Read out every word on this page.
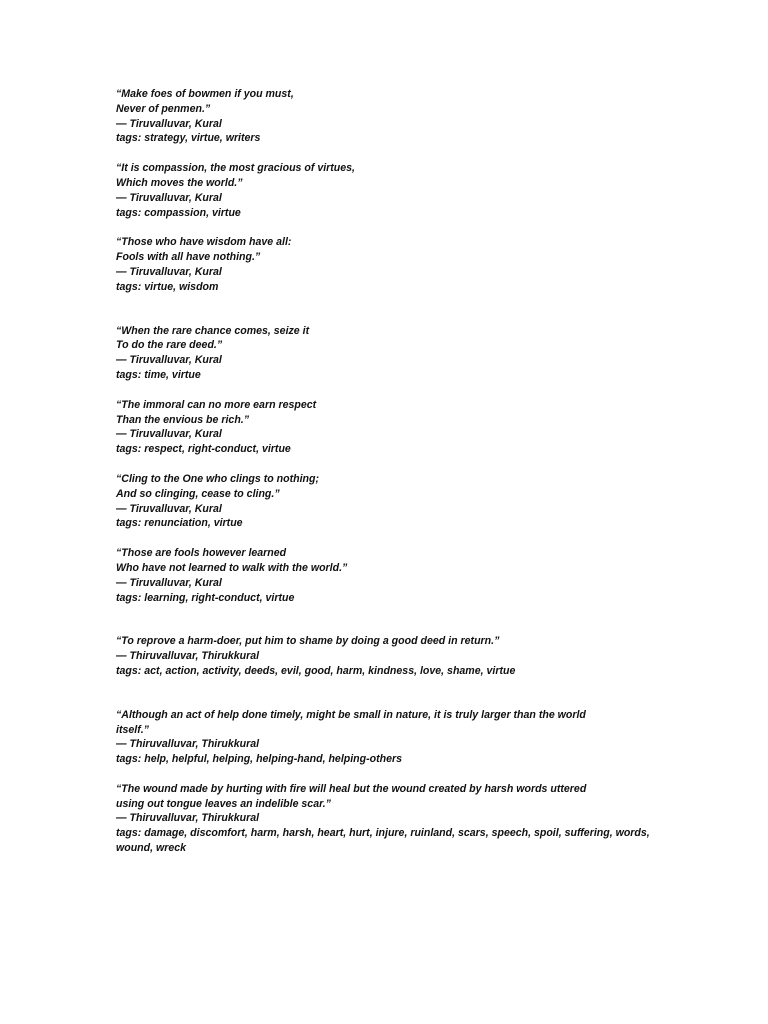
“Make foes of bowmen if you must,
Never of penmen.”
— Tiruvalluvar, Kural
tags: strategy, virtue, writers
“It is compassion, the most gracious of virtues,
Which moves the world.”
— Tiruvalluvar, Kural
tags: compassion, virtue
“Those who have wisdom have all:
Fools with all have nothing.”
— Tiruvalluvar, Kural
tags: virtue, wisdom
“When the rare chance comes, seize it
To do the rare deed.”
— Tiruvalluvar, Kural
tags: time, virtue
“The immoral can no more earn respect
Than the envious be rich.”
— Tiruvalluvar, Kural
tags: respect, right-conduct, virtue
“Cling to the One who clings to nothing;
And so clinging, cease to cling.”
— Tiruvalluvar, Kural
tags: renunciation, virtue
“Those are fools however learned
Who have not learned to walk with the world.”
— Tiruvalluvar, Kural
tags: learning, right-conduct, virtue
“To reprove a harm-doer, put him to shame by doing a good deed in return.”
— Thiruvalluvar, Thirukkural
tags: act, action, activity, deeds, evil, good, harm, kindness, love, shame, virtue
“Although an act of help done timely, might be small in nature, it is truly larger than the world
itself.”
— Thiruvalluvar, Thirukkural
tags: help, helpful, helping, helping-hand, helping-others
“The wound made by hurting with fire will heal but the wound created by harsh words uttered
using out tongue leaves an indelible scar.”
— Thiruvalluvar, Thirukkural
tags: damage, discomfort, harm, harsh, heart, hurt, injure, ruinland, scars, speech, spoil, suffering, words, wound, wreck
